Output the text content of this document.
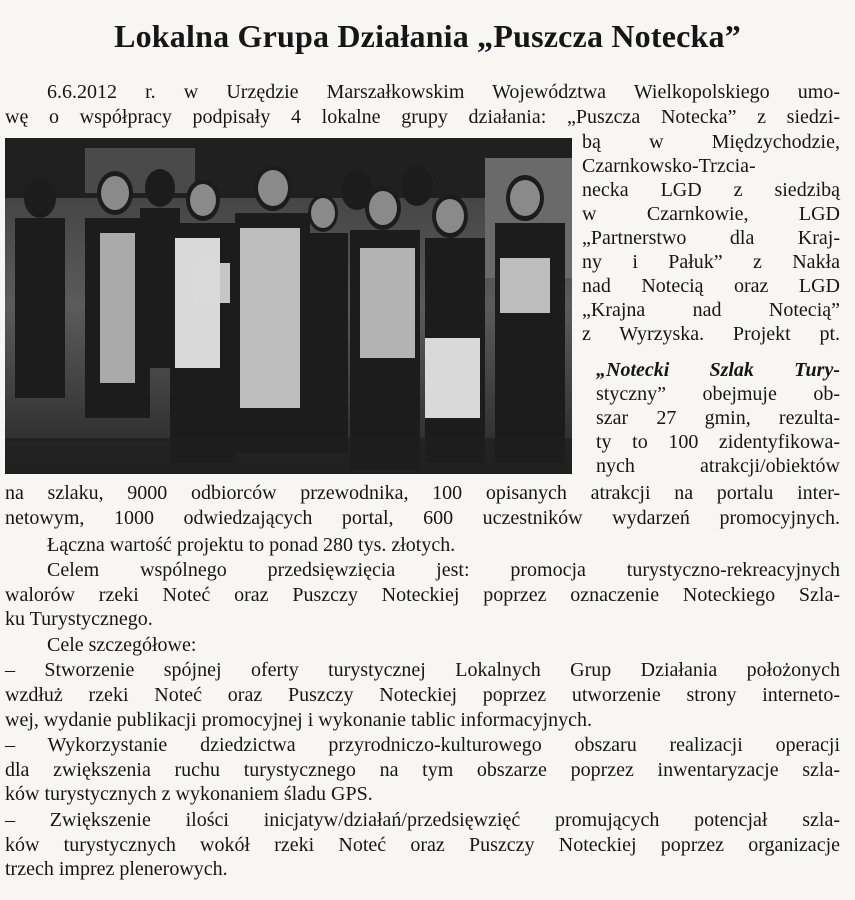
Lokalna Grupa Działania „Puszcza Notecka”
6.6.2012 r. w Urzędzie Marszałkowskim Województwa Wielkopolskiego umo-
wę o współpracy podpisały 4 lokalne grupy działania: „Puszcza Notecka” z siedzi-
bą w Międzychodzie,
Czarnkowsko-Trzcia-
necka LGD z siedzibą
w Czarnkowie, LGD
„Partnerstwo dla Kraj-
ny i Pałuk” z Nakła
nad Notecią oraz LGD
„Krajna nad Notecią”
z Wyrzyska. Projekt pt.
„Notecki Szlak Tury-
styczny” obejmuje ob-
szar 27 gmin, rezulta-
ty to 100 zidentyfikowa-
nych atrakcji/obiektów
na szlaku, 9000 odbiorców przewodnika, 100 opisanych atrakcji na portalu inter-
netowym, 1000 odwiedzających portal, 600 uczestników wydarzeń promocyjnych.
Łączna wartość projektu to ponad 280 tys. złotych.
Celem wspólnego przedsięwzięcia jest: promocja turystyczno-rekreacyjnych
walorów rzeki Noteć oraz Puszczy Noteckiej poprzez oznaczenie Noteckiego Szla-
ku Turystycznego.
Cele szczegółowe:
– Stworzenie spójnej oferty turystycznej Lokalnych Grup Działania położonych
wzdłuż rzeki Noteć oraz Puszczy Noteckiej poprzez utworzenie strony interneto-
wej, wydanie publikacji promocyjnej i wykonanie tablic informacyjnych.
– Wykorzystanie dziedzictwa przyrodniczo-kulturowego obszaru realizacji operacji
dla zwiększenia ruchu turystycznego na tym obszarze poprzez inwentaryzacje szla-
ków turystycznych z wykonaniem śladu GPS.
– Zwiększenie ilości inicjatyw/działań/przedsięwzięć promujących potencjał szla-
ków turystycznych wokół rzeki Noteć oraz Puszczy Noteckiej poprzez organizacje
trzech imprez plenerowych.
